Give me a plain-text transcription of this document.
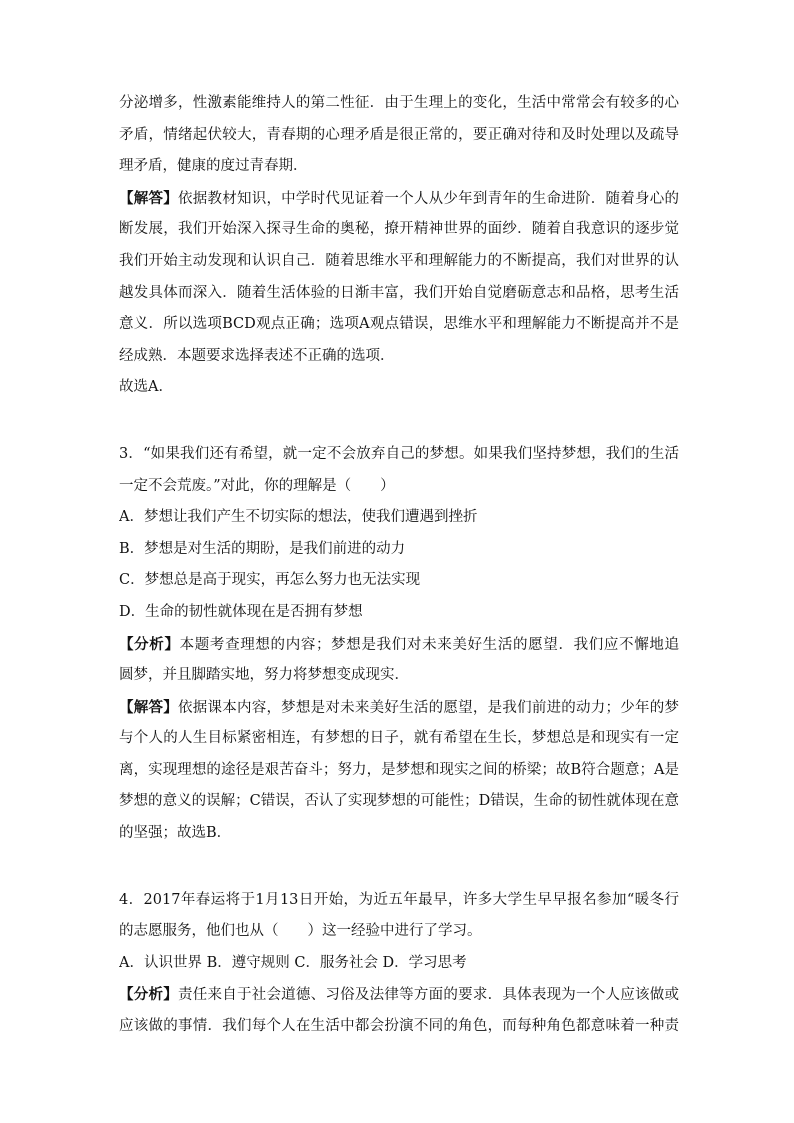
分泌增多，性激素能维持人的第二性征．由于生理上的变化，生活中常常会有较多的心
矛盾，情绪起伏较大，青春期的心理矛盾是很正常的，要正确对待和及时处理以及疏导
理矛盾，健康的度过青春期．
【解答】依据教材知识，中学时代见证着一个人从少年到青年的生命进阶．随着身心的
断发展，我们开始深入探寻生命的奥秘，撩开精神世界的面纱．随着自我意识的逐步觉
我们开始主动发现和认识自己．随着思维水平和理解能力的不断提高，我们对世界的认
越发具体而深入．随着生活体验的日渐丰富，我们开始自觉磨砺意志和品格，思考生活
意义．所以选项BCD观点正确；选项A观点错误，思维水平和理解能力不断提高并不是
经成熟．本题要求选择表述不正确的选项．
故选A．
3．“如果我们还有希望，就一定不会放弃自己的梦想。如果我们坚持梦想，我们的生活
一定不会荒废。”对此，你的理解是（　　）
A．梦想让我们产生不切实际的想法，使我们遭遇到挫折
B．梦想是对生活的期盼，是我们前进的动力
C．梦想总是高于现实，再怎么努力也无法实现
D．生命的韧性就体现在是否拥有梦想
【分析】本题考查理想的内容；梦想是我们对未来美好生活的愿望．我们应不懈地追
圆梦，并且脚踏实地，努力将梦想变成现实．
【解答】依据课本内容，梦想是对未来美好生活的愿望，是我们前进的动力；少年的梦
与个人的人生目标紧密相连，有梦想的日子，就有希望在生长，梦想总是和现实有一定
离，实现理想的途径是艰苦奋斗；努力，是梦想和现实之间的桥梁；故B符合题意；A是
梦想的意义的误解；C错误，否认了实现梦想的可能性；D错误，生命的韧性就体现在意
的坚强；故选B．
4．2017年春运将于1月13日开始，为近五年最早，许多大学生早早报名参加“暖冬行
的志愿服务，他们也从（　　）这一经验中进行了学习。
A．认识世界 B．遵守规则 C．服务社会 D．学习思考
【分析】责任来自于社会道德、习俗及法律等方面的要求．具体表现为一个人应该做或
应该做的事情．我们每个人在生活中都会扮演不同的角色，而每种角色都意味着一种责
